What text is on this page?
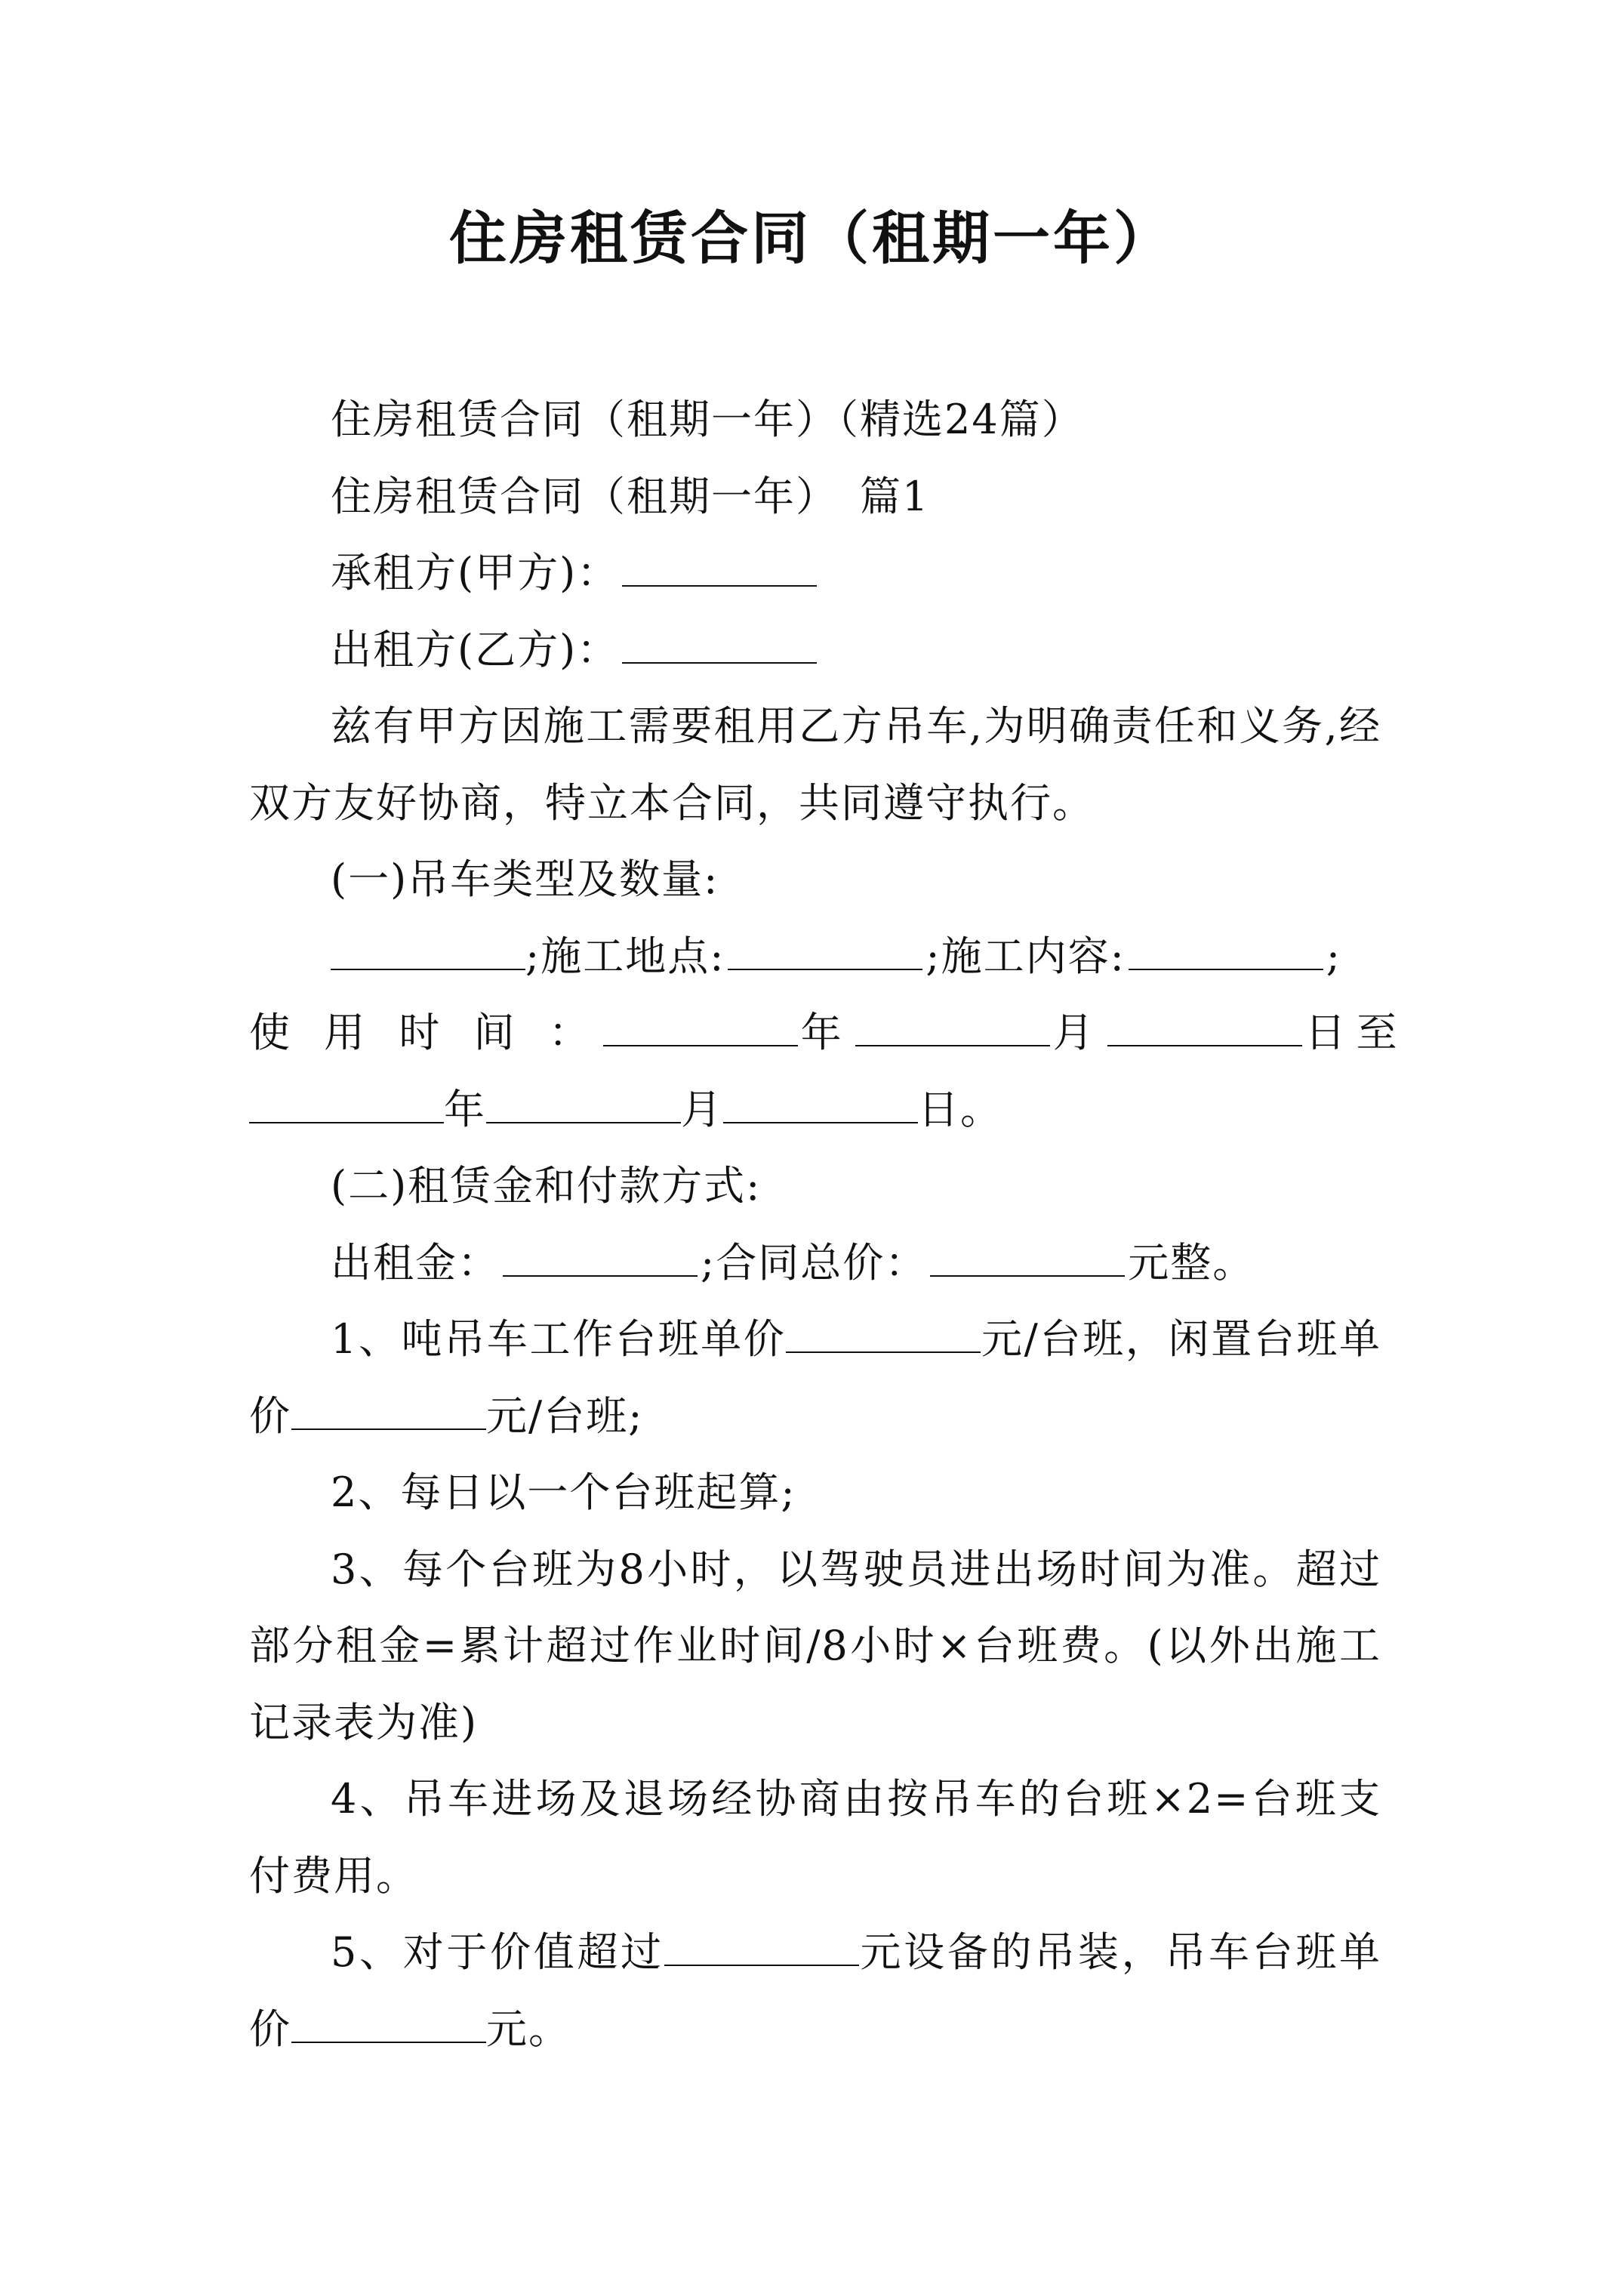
住房租赁合同（租期一年）

住房租赁合同（租期一年）（精选24篇）

住房租赁合同（租期一年）　篇1

承租方(甲方)：

出租方(乙方)：

兹有甲方因施工需要租用乙方吊车,为明确责任和义务,经双方友好协商，特立本合同，共同遵守执行。

(一)吊车类型及数量:

;施工地点:	;施工内容:	;

使 用 时 间 ：	年	月	日至

年	月	日。

(二)租赁金和付款方式:

出租金：	;合同总价：	元整。

1、吨吊车工作台班单价	元/台班，闲置台班单价	元/台班;

2、每日以一个台班起算;

3、每个台班为8小时，以驾驶员进出场时间为准。超过部分租金=累计超过作业时间/8小时×台班费。(以外出施工记录表为准)

4、吊车进场及退场经协商由按吊车的台班×2=台班支付费用。

5、对于价值超过	元设备的吊装，吊车台班单价	元。
